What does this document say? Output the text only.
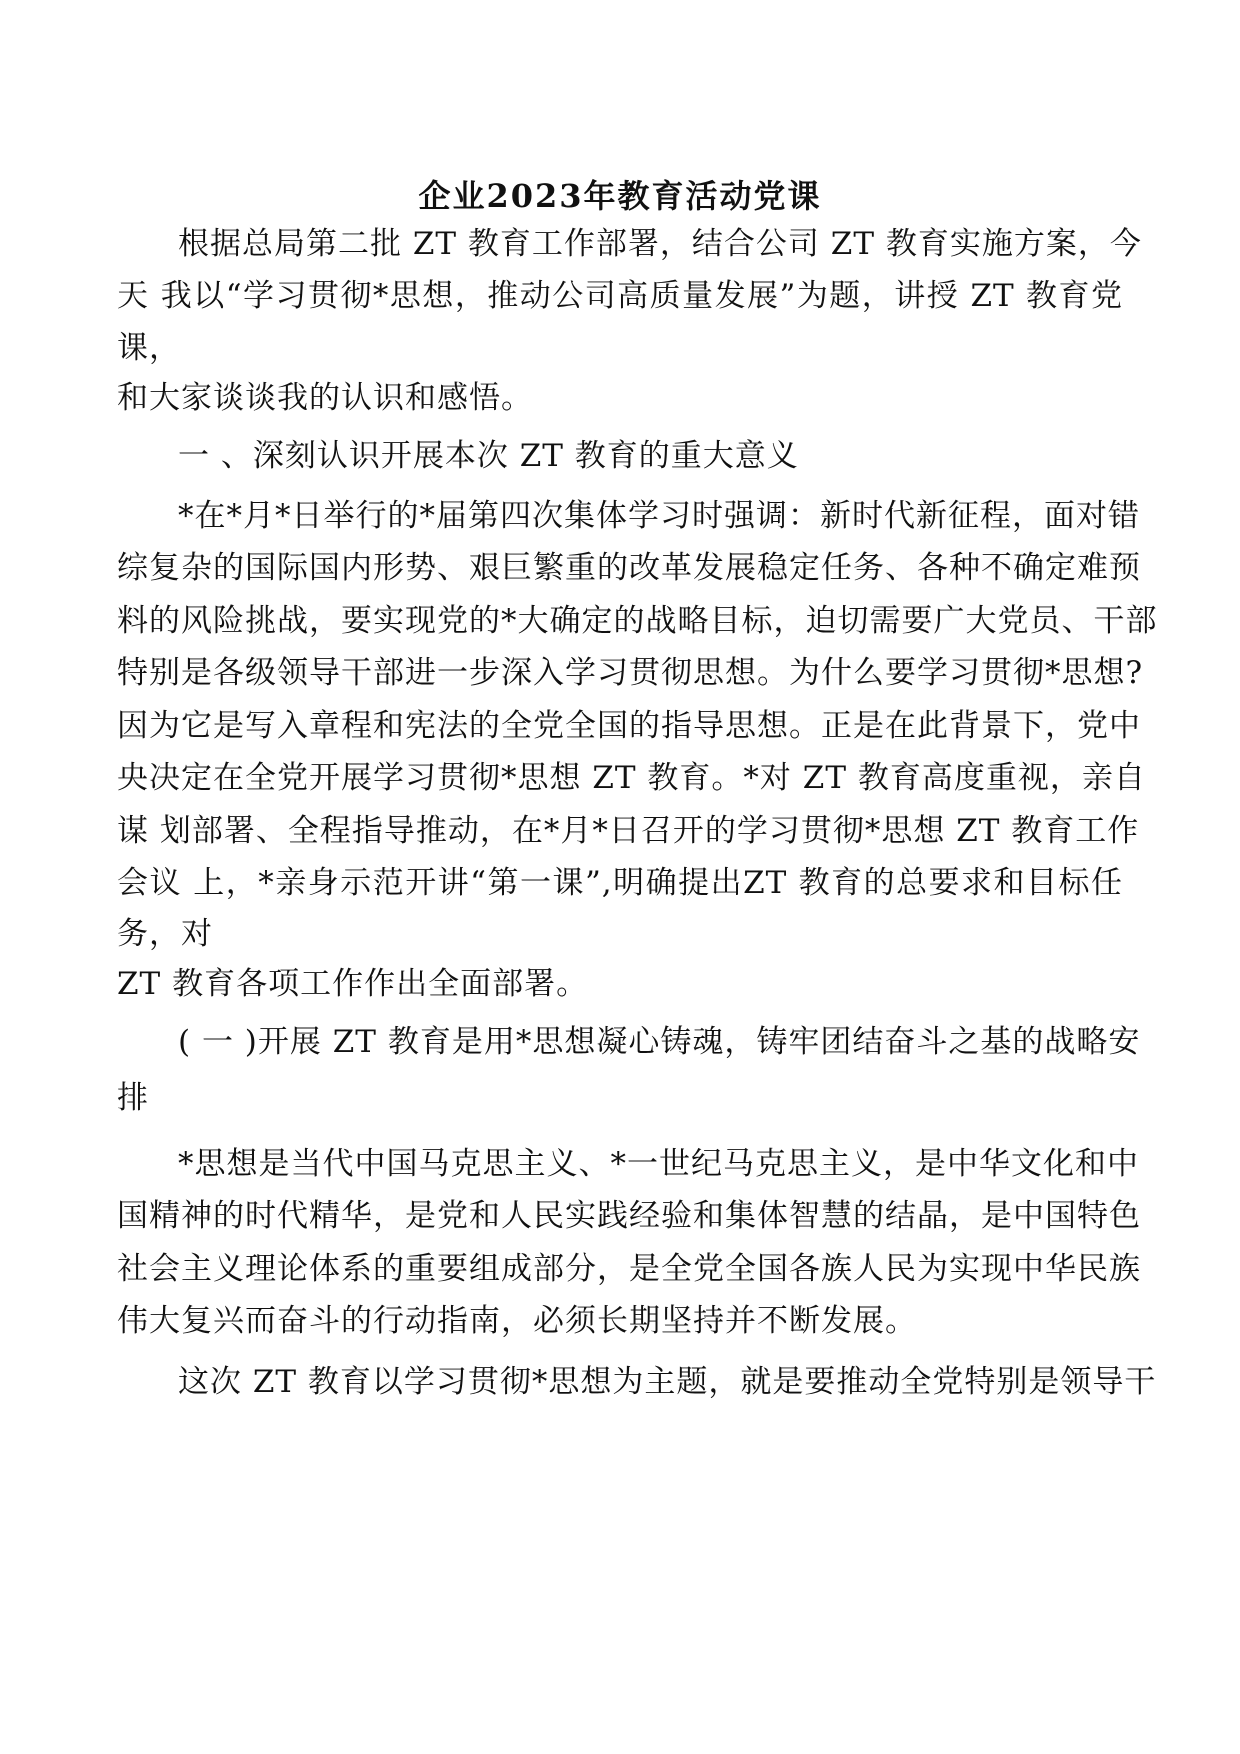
企业2023年教育活动党课
根据总局第二批 ZT 教育工作部署，结合公司 ZT 教育实施方案，今
天 我以“学习贯彻*思想，推动公司高质量发展”为题，讲授 ZT 教育党
课，
和大家谈谈我的认识和感悟。
一 、深刻认识开展本次 ZT 教育的重大意义
*在*月*日举行的*届第四次集体学习时强调：新时代新征程，面对错
综复杂的国际国内形势、艰巨繁重的改革发展稳定任务、各种不确定难预
料的风险挑战，要实现党的*大确定的战略目标，迫切需要广大党员、干部
特别是各级领导干部进一步深入学习贯彻思想。为什么要学习贯彻*思想?
因为它是写入章程和宪法的全党全国的指导思想。正是在此背景下，党中
央决定在全党开展学习贯彻*思想 ZT 教育。*对 ZT 教育高度重视，亲自
谋 划部署、全程指导推动，在*月*日召开的学习贯彻*思想 ZT 教育工作
会议 上，*亲身示范开讲“第一课”,明确提出ZT 教育的总要求和目标任
务，对
ZT 教育各项工作作出全面部署。
( 一 )开展 ZT 教育是用*思想凝心铸魂，铸牢团结奋斗之基的战略安
排
*思想是当代中国马克思主义、*一世纪马克思主义，是中华文化和中
国精神的时代精华，是党和人民实践经验和集体智慧的结晶，是中国特色
社会主义理论体系的重要组成部分，是全党全国各族人民为实现中华民族
伟大复兴而奋斗的行动指南，必须长期坚持并不断发展。
这次 ZT 教育以学习贯彻*思想为主题，就是要推动全党特别是领导干
